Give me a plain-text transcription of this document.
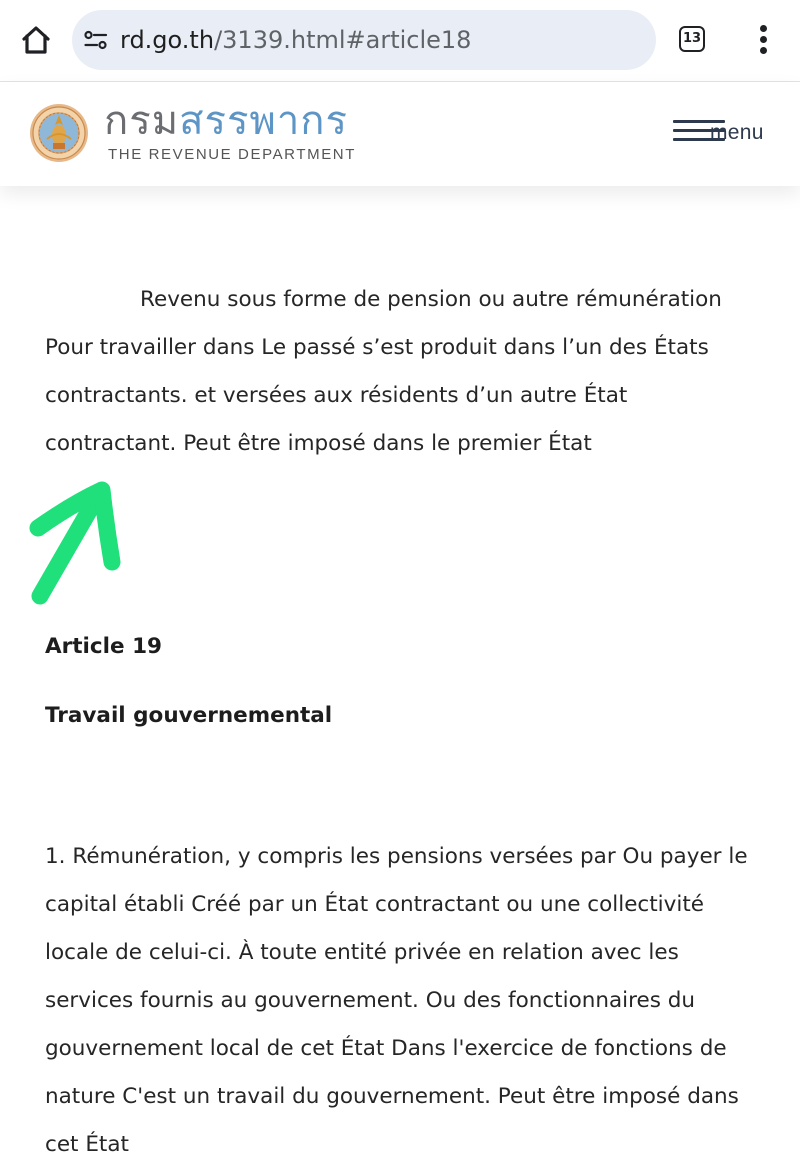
rd.go.th/3139.html#article18	13
กรมสรรพากร
THE REVENUE DEPARTMENT
menu

Revenu sous forme de pension ou autre rémunération Pour travailler dans Le passé s’est produit dans l’un des États contractants. et versées aux résidents d’un autre État contractant. Peut être imposé dans le premier État

Article 19

Travail gouvernemental

1. Rémunération, y compris les pensions versées par Ou payer le capital établi Créé par un État contractant ou une collectivité locale de celui-ci. À toute entité privée en relation avec les services fournis au gouvernement. Ou des fonctionnaires du gouvernement local de cet État Dans l'exercice de fonctions de nature C'est un travail du gouvernement. Peut être imposé dans cet État
